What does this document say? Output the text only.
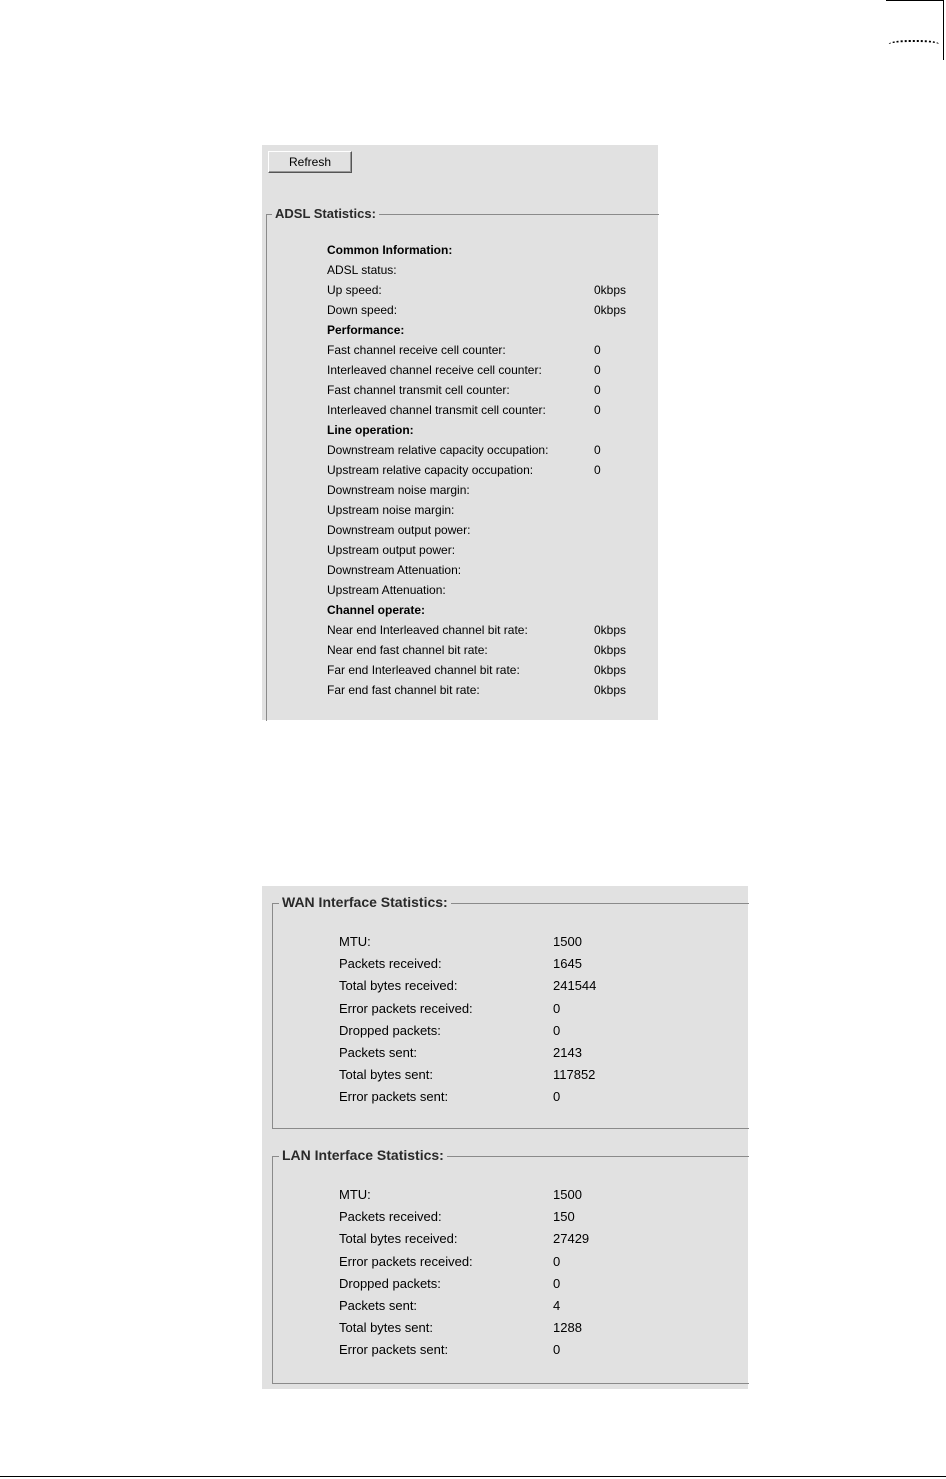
Refresh
ADSL Statistics:
Common Information:
ADSL status:
Up speed:	0kbps
Down speed:	0kbps
Performance:
Fast channel receive cell counter:	0
Interleaved channel receive cell counter:	0
Fast channel transmit cell counter:	0
Interleaved channel transmit cell counter:	0
Line operation:
Downstream relative capacity occupation:	0
Upstream relative capacity occupation:	0
Downstream noise margin:
Upstream noise margin:
Downstream output power:
Upstream output power:
Downstream Attenuation:
Upstream Attenuation:
Channel operate:
Near end Interleaved channel bit rate:	0kbps
Near end fast channel bit rate:	0kbps
Far end Interleaved channel bit rate:	0kbps
Far end fast channel bit rate:	0kbps
WAN Interface Statistics:
MTU:	1500
Packets received:	1645
Total bytes received:	241544
Error packets received:	0
Dropped packets:	0
Packets sent:	2143
Total bytes sent:	117852
Error packets sent:	0
LAN Interface Statistics:
MTU:	1500
Packets received:	150
Total bytes received:	27429
Error packets received:	0
Dropped packets:	0
Packets sent:	4
Total bytes sent:	1288
Error packets sent:	0
